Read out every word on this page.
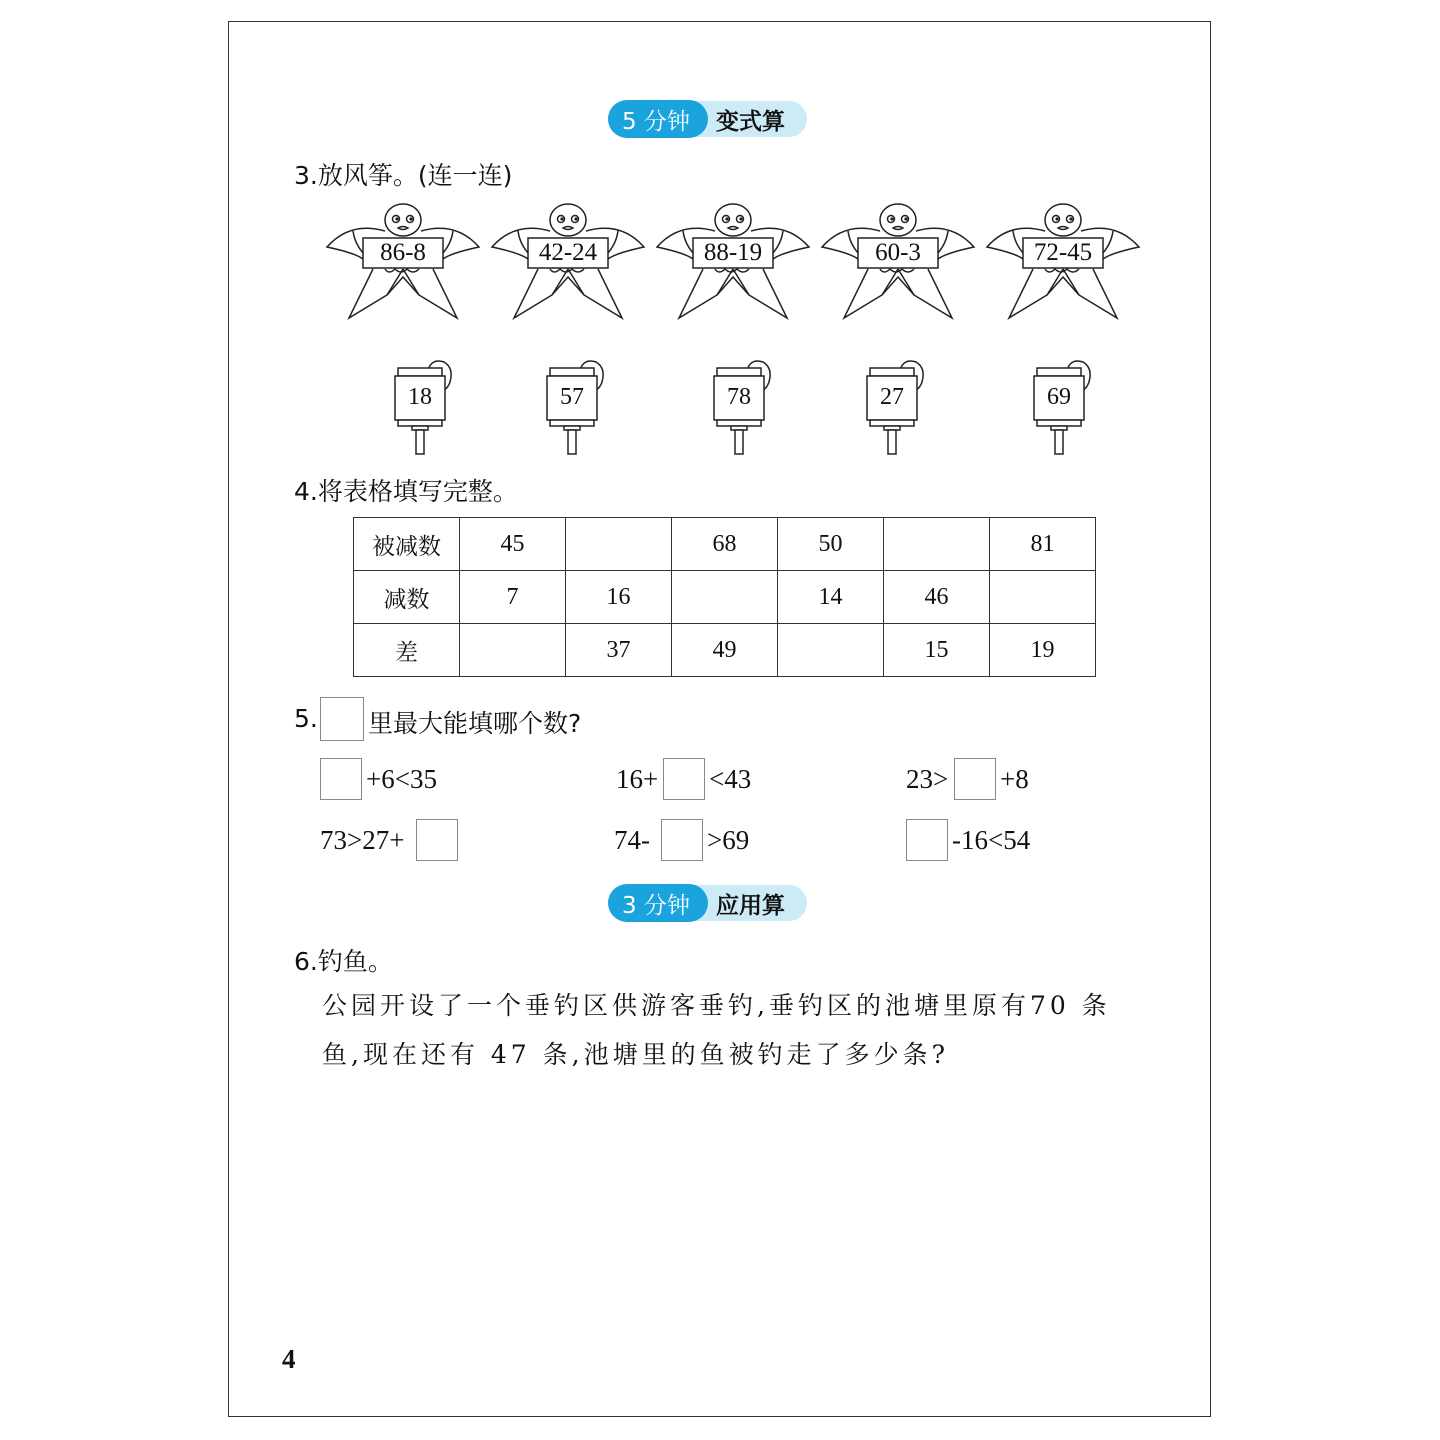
5 分钟	变式算
3.放风筝。(连一连)
86-8	42-24	88-19	60-3	72-45
18	57	78	27	69
4.将表格填写完整。
被减数	45		68	50		81
减数	7	16		14	46	
差		37	49		15	19
5. 里最大能填哪个数?
+6<35	16+ <43	23> +8
73>27+	74- >69	-16<54
3 分钟	应用算
6.钓鱼。
公园开设了一个垂钓区供游客垂钓,垂钓区的池塘里原有70 条
鱼,现在还有 47 条,池塘里的鱼被钓走了多少条?
4
